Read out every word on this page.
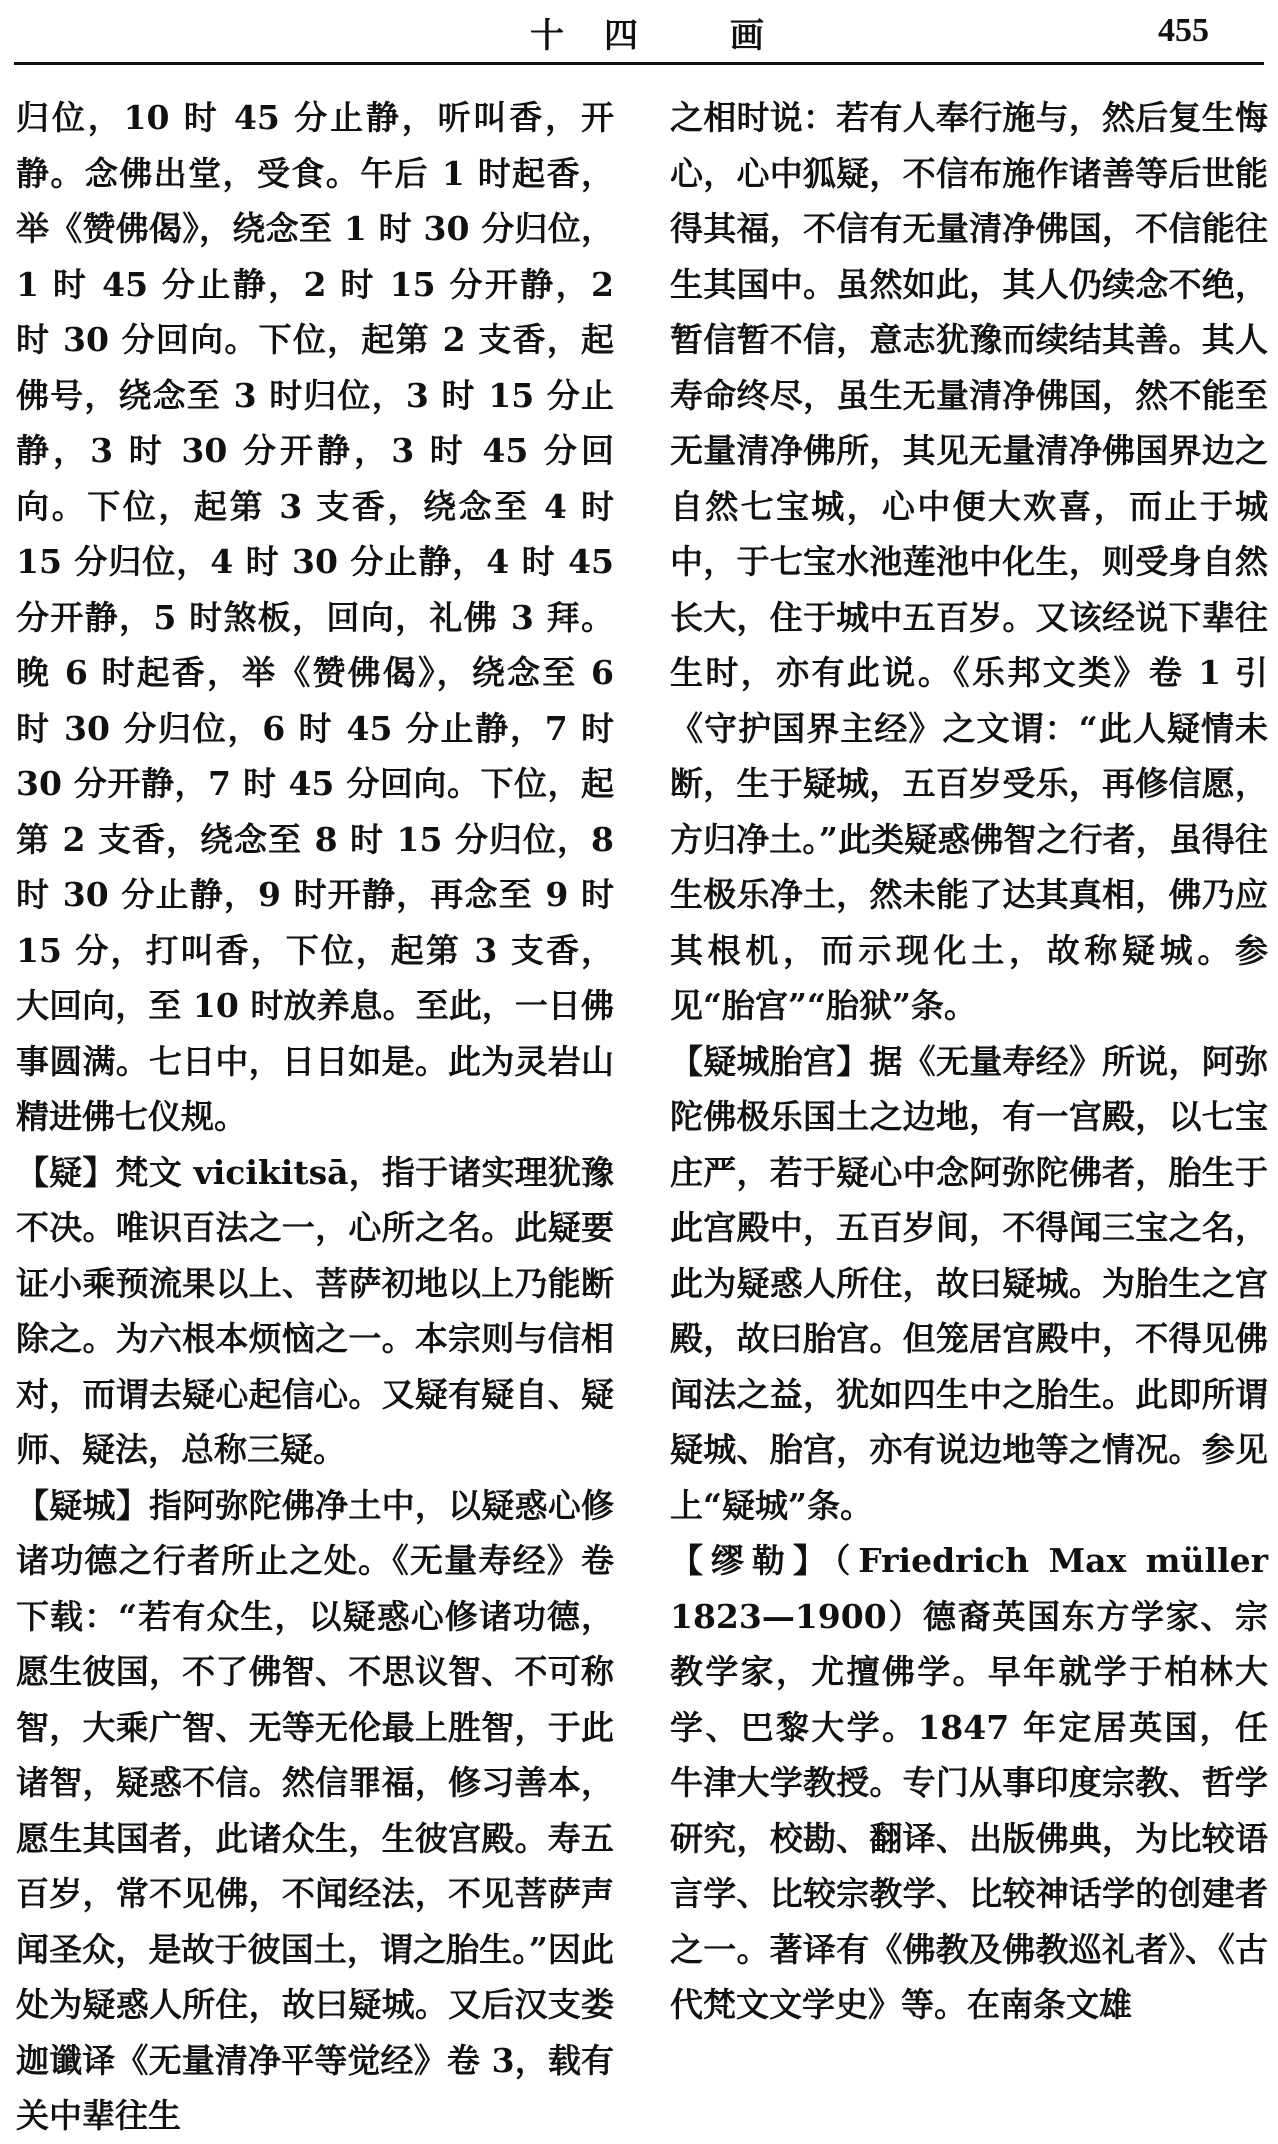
十四 画	455

归位，10 时 45 分止静，听叫香，开静。念佛出堂，受食。午后 1 时起香，举《赞佛偈》，绕念至 1 时 30 分归位，1 时 45 分止静，2 时 15 分开静，2 时 30 分回向。下位，起第 2 支香，起佛号，绕念至 3 时归位，3 时 15 分止静，3 时 30 分开静，3 时 45 分回向。下位，起第 3 支香，绕念至 4 时 15 分归位，4 时 30 分止静，4 时 45 分开静，5 时煞板，回向，礼佛 3 拜。晚 6 时起香，举《赞佛偈》，绕念至 6 时 30 分归位，6 时 45 分止静，7 时 30 分开静，7 时 45 分回向。下位，起第 2 支香，绕念至 8 时 15 分归位，8 时 30 分止静，9 时开静，再念至 9 时 15 分，打叫香，下位，起第 3 支香，大回向，至 10 时放养息。至此，一日佛事圆满。七日中，日日如是。此为灵岩山精进佛七仪规。

【疑】梵文 vicikitsā，指于诸实理犹豫不决。唯识百法之一，心所之名。此疑要证小乘预流果以上、菩萨初地以上乃能断除之。为六根本烦恼之一。本宗则与信相对，而谓去疑心起信心。又疑有疑自、疑师、疑法，总称三疑。

【疑城】指阿弥陀佛净土中，以疑惑心修诸功德之行者所止之处。《无量寿经》卷下载：“若有众生，以疑惑心修诸功德，愿生彼国，不了佛智、不思议智、不可称智，大乘广智、无等无伦最上胜智，于此诸智，疑惑不信。然信罪福，修习善本，愿生其国者，此诸众生，生彼宫殿。寿五百岁，常不见佛，不闻经法，不见菩萨声闻圣众，是故于彼国土，谓之胎生。”因此处为疑惑人所住，故曰疑城。又后汉支娄迦谶译《无量清净平等觉经》卷 3，载有关中辈往生

之相时说：若有人奉行施与，然后复生悔心，心中狐疑，不信布施作诸善等后世能得其福，不信有无量清净佛国，不信能往生其国中。虽然如此，其人仍续念不绝，暂信暂不信，意志犹豫而续结其善。其人寿命终尽，虽生无量清净佛国，然不能至无量清净佛所，其见无量清净佛国界边之自然七宝城，心中便大欢喜，而止于城中，于七宝水池莲池中化生，则受身自然长大，住于城中五百岁。又该经说下辈往生时，亦有此说。《乐邦文类》卷 1 引《守护国界主经》之文谓：“此人疑情未断，生于疑城，五百岁受乐，再修信愿，方归净土。”此类疑惑佛智之行者，虽得往生极乐净土，然未能了达其真相，佛乃应其根机，而示现化土，故称疑城。参见“胎宫”“胎狱”条。

【疑城胎宫】据《无量寿经》所说，阿弥陀佛极乐国土之边地，有一宫殿，以七宝庄严，若于疑心中念阿弥陀佛者，胎生于此宫殿中，五百岁间，不得闻三宝之名，此为疑惑人所住，故曰疑城。为胎生之宫殿，故曰胎宫。但笼居宫殿中，不得见佛闻法之益，犹如四生中之胎生。此即所谓疑城、胎宫，亦有说边地等之情况。参见上“疑城”条。

【缪勒】（Friedrich Max müller 1823—1900）德裔英国东方学家、宗教学家，尤擅佛学。早年就学于柏林大学、巴黎大学。1847 年定居英国，任牛津大学教授。专门从事印度宗教、哲学研究，校勘、翻译、出版佛典，为比较语言学、比较宗教学、比较神话学的创建者之一。著译有《佛教及佛教巡礼者》、《古代梵文文学史》等。在南条文雄
